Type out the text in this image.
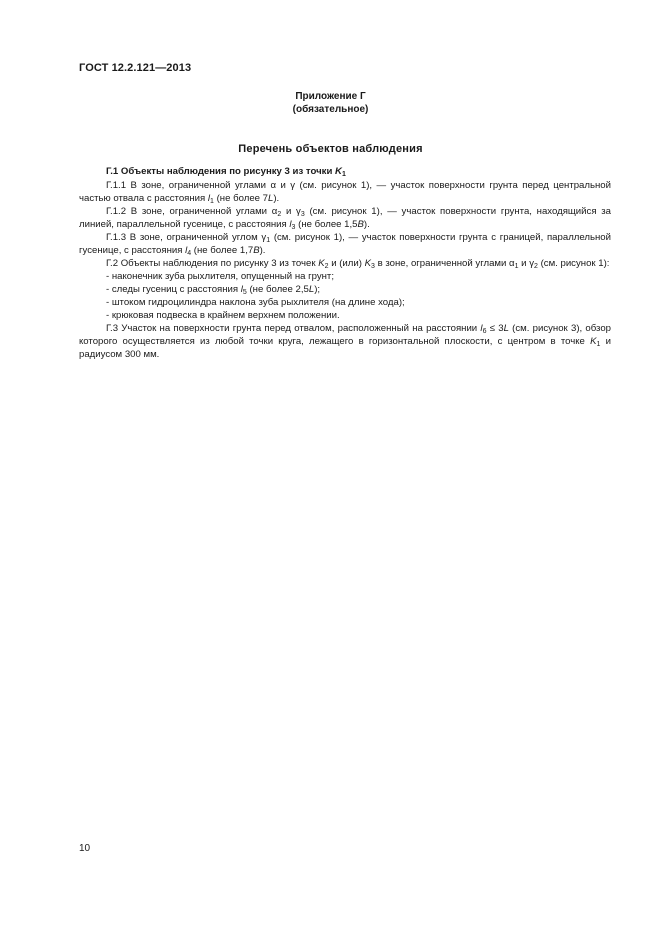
ГОСТ 12.2.121—2013
Приложение Г
(обязательное)
Перечень объектов наблюдения

Г.1 Объекты наблюдения по рисунку 3 из точки $K_1$

Г.1.1 В зоне, ограниченной углами α и γ (см. рисунок 1), — участок поверхности грунта перед центральной частью отвала с расстояния $l_1$ (не более 7L).

Г.1.2 В зоне, ограниченной углами $\alpha_2$ и $\gamma_3$ (см. рисунок 1), — участок поверхности грунта, находящийся за линией, параллельной гусенице, с расстояния $l_3$ (не более 1,5B).

Г.1.3 В зоне, ограниченной углом $\gamma_1$ (см. рисунок 1), — участок поверхности грунта с границей, параллельной гусенице, с расстояния $l_4$ (не более 1,7B).

Г.2 Объекты наблюдения по рисунку 3 из точек $K_2$ и (или) $K_3$ в зоне, ограниченной углами $\alpha_1$ и $\gamma_2$ (см. рисунок 1):

- наконечник зуба рыхлителя, опущенный на грунт;

- следы гусениц с расстояния $l_5$ (не более 2,5L);

- штоком гидроцилиндра наклона зуба рыхлителя (на длине хода);

- крюковая подвеска в крайнем верхнем положении.

Г.3 Участок на поверхности грунта перед отвалом, расположенный на расстоянии $l_6 \le 3L$ (см. рисунок 3), обзор которого осуществляется из любой точки круга, лежащего в горизонтальной плоскости, с центром в точке $K_1$ и радиусом 300 мм.

10
